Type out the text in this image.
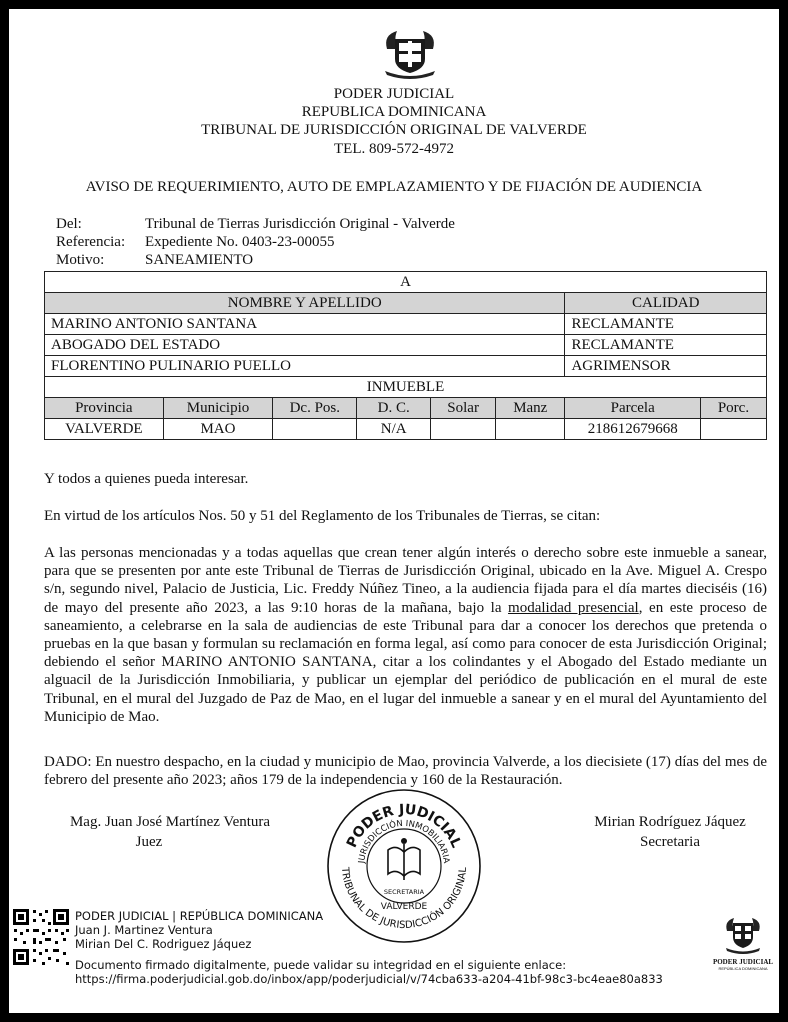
PODER JUDICIAL
REPUBLICA DOMINICANA
TRIBUNAL DE JURISDICCIÓN ORIGINAL DE VALVERDE
TEL. 809-572-4972
AVISO DE REQUERIMIENTO, AUTO DE EMPLAZAMIENTO Y DE FIJACIÓN DE AUDIENCIA
Del:	Tribunal de Tierras Jurisdicción Original - Valverde
Referencia: Expediente No. 0403-23-00055
Motivo:	SANEAMIENTO
A							
NOMBRE Y APELLIDO						CALIDAD	
MARINO ANTONIO SANTANA						RECLAMANTE	
ABOGADO DEL ESTADO						RECLAMANTE	
FLORENTINO PULINARIO PUELLO						AGRIMENSOR	
INMUEBLE							
Provincia	Municipio	Dc. Pos.	D. C.	Solar	Manz	Parcela	Porc.
VALVERDE	MAO		N/A			218612679668	
Y todos a quienes pueda interesar.
En virtud de los artículos Nos. 50 y 51 del Reglamento de los Tribunales de Tierras, se citan:
A las personas mencionadas y a todas aquellas que crean tener algún interés o derecho sobre este inmueble a sanear, para que se presenten por ante este Tribunal de Tierras de Jurisdicción Original, ubicado en la Ave. Miguel A. Crespo s/n, segundo nivel, Palacio de Justicia, Lic. Freddy Núñez Tineo, a la audiencia fijada para el día martes dieciséis (16) de mayo del presente año 2023, a las 9:10 horas de la mañana, bajo la modalidad presencial, en este proceso de saneamiento, a celebrarse en la sala de audiencias de este Tribunal para dar a conocer los derechos que pretenda o pruebas en la que basan y formulan su reclamación en forma legal, así como para conocer de esta Jurisdicción Original; debiendo el señor MARINO ANTONIO SANTANA, citar a los colindantes y el Abogado del Estado mediante un alguacil de la Jurisdicción Inmobiliaria, y publicar un ejemplar del periódico de publicación en el mural de este Tribunal, en el mural del Juzgado de Paz de Mao, en el lugar del inmueble a sanear y en el mural del Ayuntamiento del Municipio de Mao.
DADO: En nuestro despacho, en la ciudad y municipio de Mao, provincia Valverde, a los diecisiete (17) días del mes de febrero del presente año 2023; años 179 de la independencia y 160 de la Restauración.
PODER JUDICIAL
JURISDICCIÓN INMOBILIARIA
TRIBUNAL DE JURISDICCIÓN ORIGINAL
SECRETARIA
VALVERDE
Mag. Juan José Martínez Ventura
Juez
Mirian Rodríguez Jáquez
Secretaria
PODER JUDICIAL | REPÚBLICA DOMINICANA
Juan J. Martinez Ventura
Mirian Del C. Rodriguez Jáquez
Documento firmado digitalmente, puede validar su integridad en el siguiente enlace:
https://firma.poderjudicial.gob.do/inbox/app/poderjudicial/v/74cba633-a204-41bf-98c3-bc4eae80a833
PODER JUDICIAL
REPÚBLICA DOMINICANA
